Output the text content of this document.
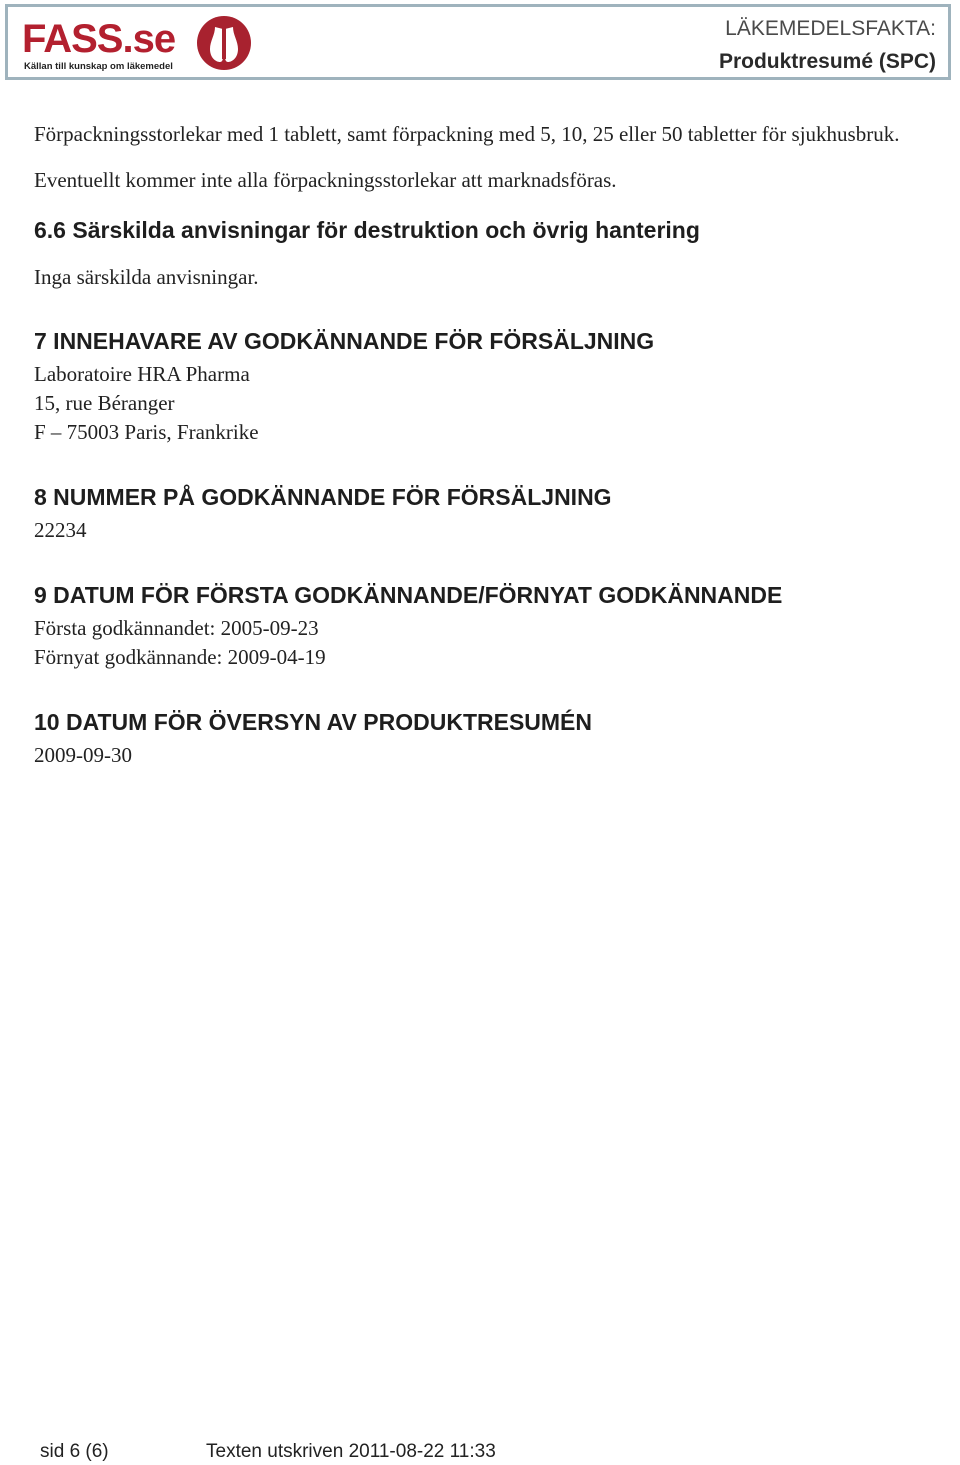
FASS.se
Källan till kunskap om läkemedel
LÄKEMEDELSFAKTA:
Produktresumé (SPC)

Förpackningsstorlekar med 1 tablett, samt förpackning med 5, 10, 25 eller 50 tabletter för sjukhusbruk.

Eventuellt kommer inte alla förpackningsstorlekar att marknadsföras.

6.6 Särskilda anvisningar för destruktion och övrig hantering

Inga särskilda anvisningar.

7 INNEHAVARE AV GODKÄNNANDE FÖR FÖRSÄLJNING

Laboratoire HRA Pharma

15, rue Béranger

F – 75003 Paris, Frankrike

8 NUMMER PÅ GODKÄNNANDE FÖR FÖRSÄLJNING

22234

9 DATUM FÖR FÖRSTA GODKÄNNANDE/FÖRNYAT GODKÄNNANDE

Första godkännandet: 2005-09-23

Förnyat godkännande: 2009-04-19

10 DATUM FÖR ÖVERSYN AV PRODUKTRESUMÉN

2009-09-30

sid 6 (6)	Texten utskriven 2011-08-22 11:33
